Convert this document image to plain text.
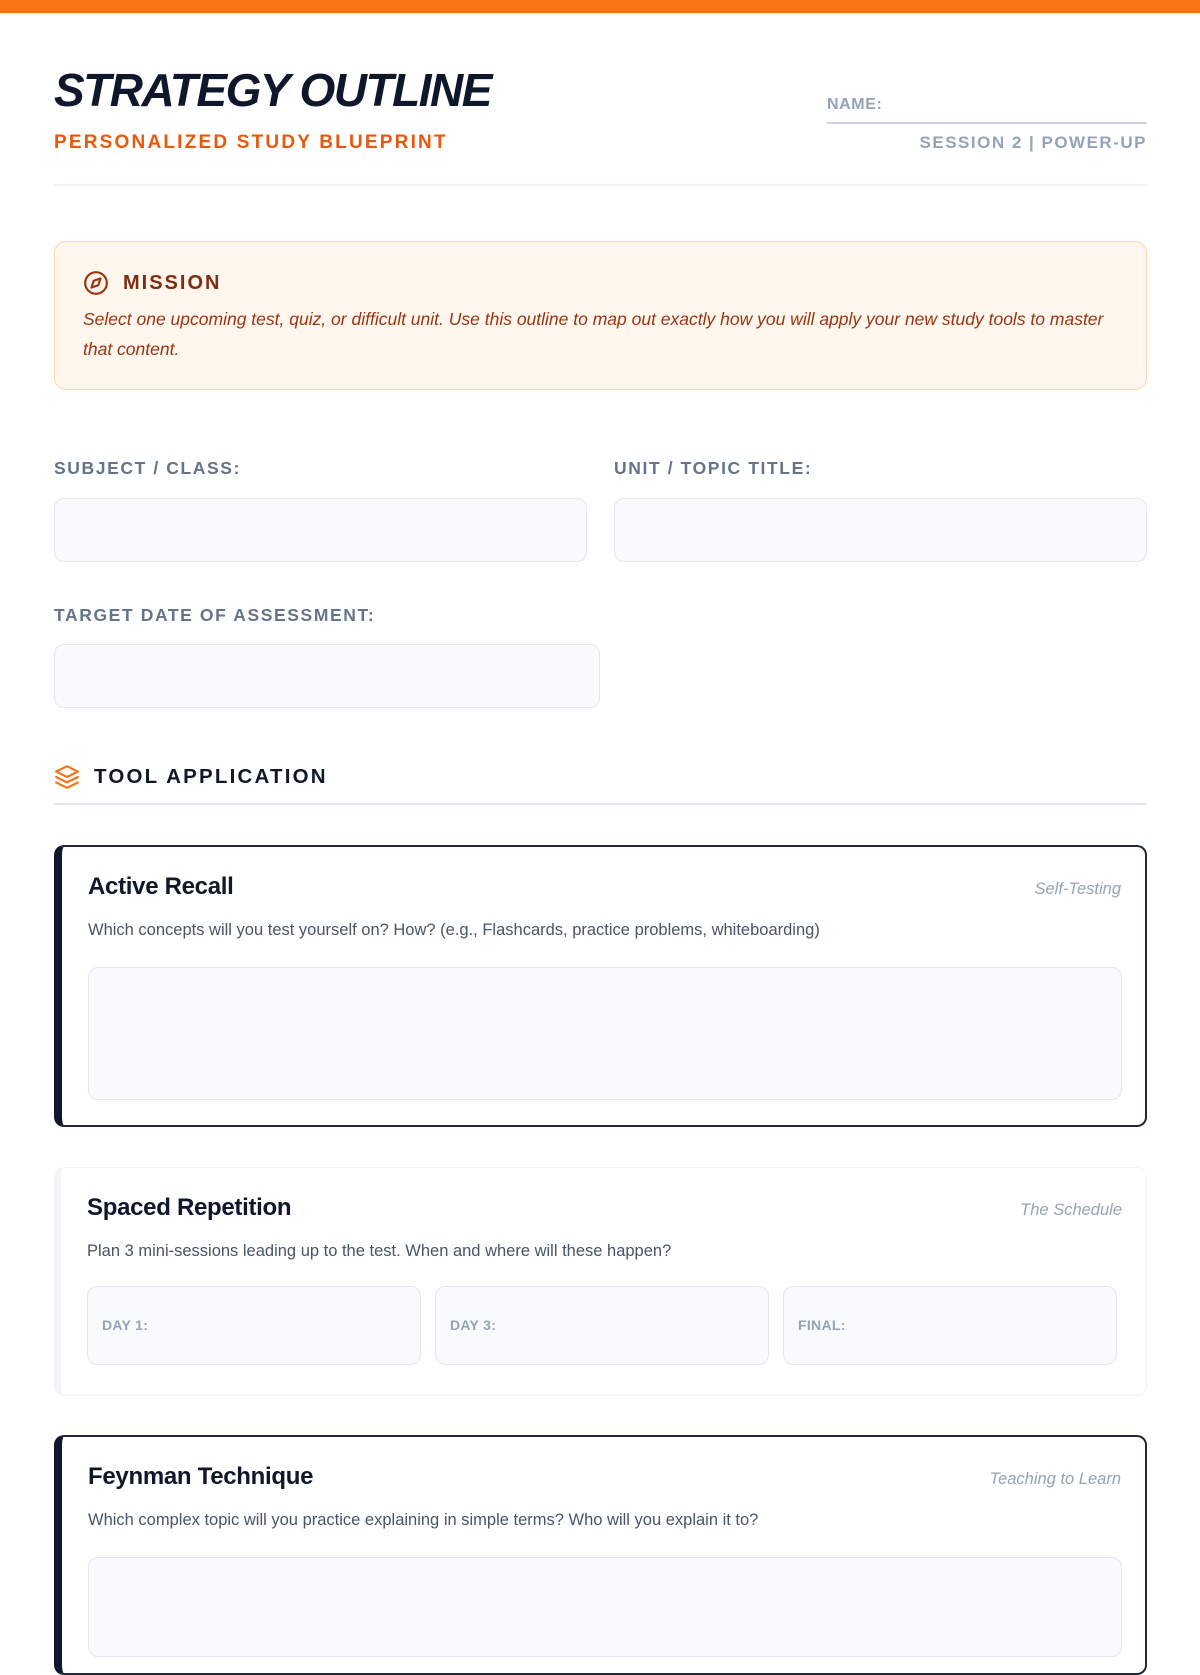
STRATEGY OUTLINE
PERSONALIZED STUDY BLUEPRINT
NAME:
SESSION 2 | POWER-UP
MISSION
Select one upcoming test, quiz, or difficult unit. Use this outline to map out exactly how you will apply your new study tools to master that content.
SUBJECT / CLASS:	UNIT / TOPIC TITLE:
TARGET DATE OF ASSESSMENT:
TOOL APPLICATION
Active Recall	Self-Testing
Which concepts will you test yourself on? How? (e.g., Flashcards, practice problems, whiteboarding)
Spaced Repetition	The Schedule
Plan 3 mini-sessions leading up to the test. When and where will these happen?
DAY 1:	DAY 3:	FINAL:
Feynman Technique	Teaching to Learn
Which complex topic will you practice explaining in simple terms? Who will you explain it to?
